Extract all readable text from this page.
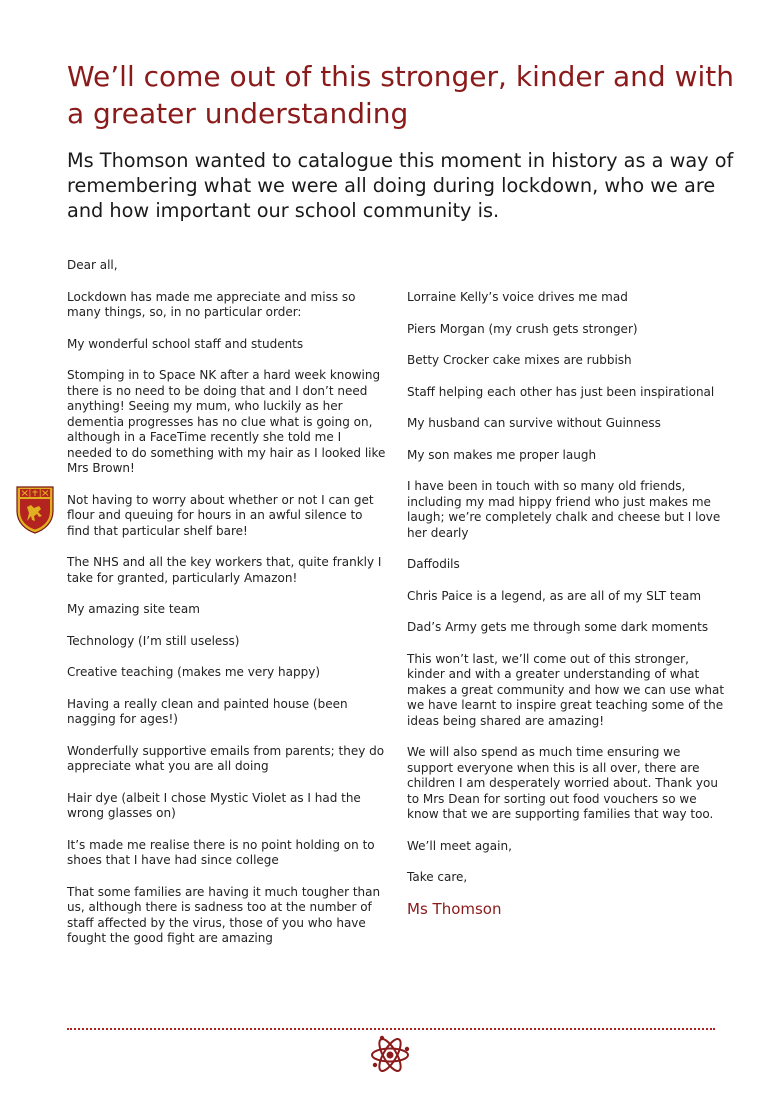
We’ll come out of this stronger, kinder and with a greater understanding

Ms Thomson wanted to catalogue this moment in history as a way of remembering what we were all doing during lockdown, who we are and how important our school community is.

Dear all,

Lockdown has made me appreciate and miss so many things, so, in no particular order:

My wonderful school staff and students

Stomping in to Space NK after a hard week knowing there is no need to be doing that and I don’t need anything! Seeing my mum, who luckily as her dementia progresses has no clue what is going on, although in a FaceTime recently she told me I needed to do something with my hair as I looked like Mrs Brown!

Not having to worry about whether or not I can get flour and queuing for hours in an awful silence to find that particular shelf bare!

The NHS and all the key workers that, quite frankly I take for granted, particularly Amazon!

My amazing site team

Technology (I’m still useless)

Creative teaching (makes me very happy)

Having a really clean and painted house (been nagging for ages!)

Wonderfully supportive emails from parents; they do appreciate what you are all doing

Hair dye (albeit I chose Mystic Violet as I had the wrong glasses on)

It’s made me realise there is no point holding on to shoes that I have had since college

That some families are having it much tougher than us, although there is sadness too at the number of staff affected by the virus, those of you who have fought the good fight are amazing

Lorraine Kelly’s voice drives me mad

Piers Morgan (my crush gets stronger)

Betty Crocker cake mixes are rubbish

Staff helping each other has just been inspirational

My husband can survive without Guinness

My son makes me proper laugh

I have been in touch with so many old friends, including my mad hippy friend who just makes me laugh; we’re completely chalk and cheese but I love her dearly

Daffodils

Chris Paice is a legend, as are all of my SLT team

Dad’s Army gets me through some dark moments

This won’t last, we’ll come out of this stronger, kinder and with a greater understanding of what makes a great community and how we can use what we have learnt to inspire great teaching some of the ideas being shared are amazing!

We will also spend as much time ensuring we support everyone when this is all over, there are children I am desperately worried about. Thank you to Mrs Dean for sorting out food vouchers so we know that we are supporting families that way too.

We’ll meet again,

Take care,

Ms Thomson
